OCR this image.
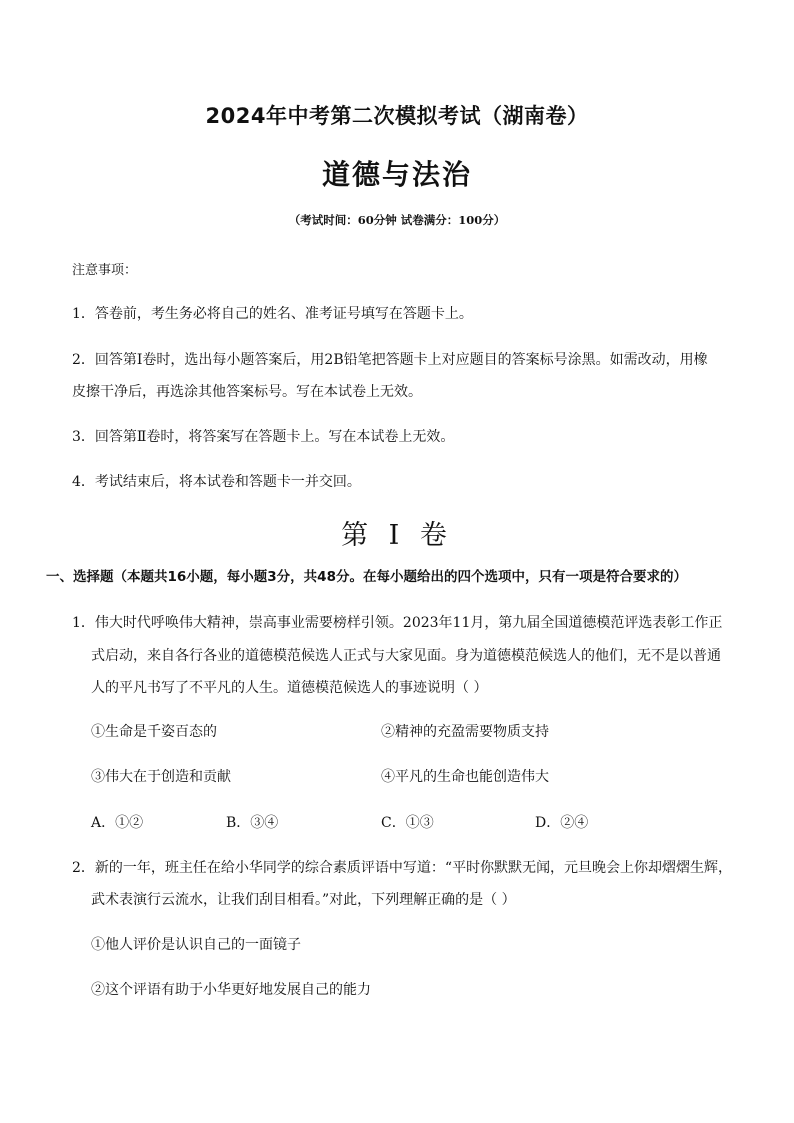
2024年中考第二次模拟考试（湖南卷）
道德与法治
（考试时间：60分钟 试卷满分：100分）
注意事项：
1．答卷前，考生务必将自己的姓名、准考证号填写在答题卡上。
2．回答第Ⅰ卷时，选出每小题答案后，用2B铅笔把答题卡上对应题目的答案标号涂黑。如需改动，用橡
皮擦干净后，再选涂其他答案标号。写在本试卷上无效。
3．回答第Ⅱ卷时，将答案写在答题卡上。写在本试卷上无效。
4．考试结束后，将本试卷和答题卡一并交回。
第 I 卷
一、选择题（本题共16小题，每小题3分，共48分。在每小题给出的四个选项中，只有一项是符合要求的）
1．伟大时代呼唤伟大精神，崇高事业需要榜样引领。2023年11月，第九届全国道德模范评选表彰工作正
式启动，来自各行各业的道德模范候选人正式与大家见面。身为道德模范候选人的他们，无不是以普通
人的平凡书写了不平凡的人生。道德模范候选人的事迹说明（ ）
①生命是千姿百态的	②精神的充盈需要物质支持
③伟大在于创造和贡献	④平凡的生命也能创造伟大
A．①②	B．③④	C．①③	D．②④
2．新的一年，班主任在给小华同学的综合素质评语中写道：“平时你默默无闻，元旦晚会上你却熠熠生辉，
武术表演行云流水，让我们刮目相看。”对此，下列理解正确的是（ ）
①他人评价是认识自己的一面镜子
②这个评语有助于小华更好地发展自己的能力
